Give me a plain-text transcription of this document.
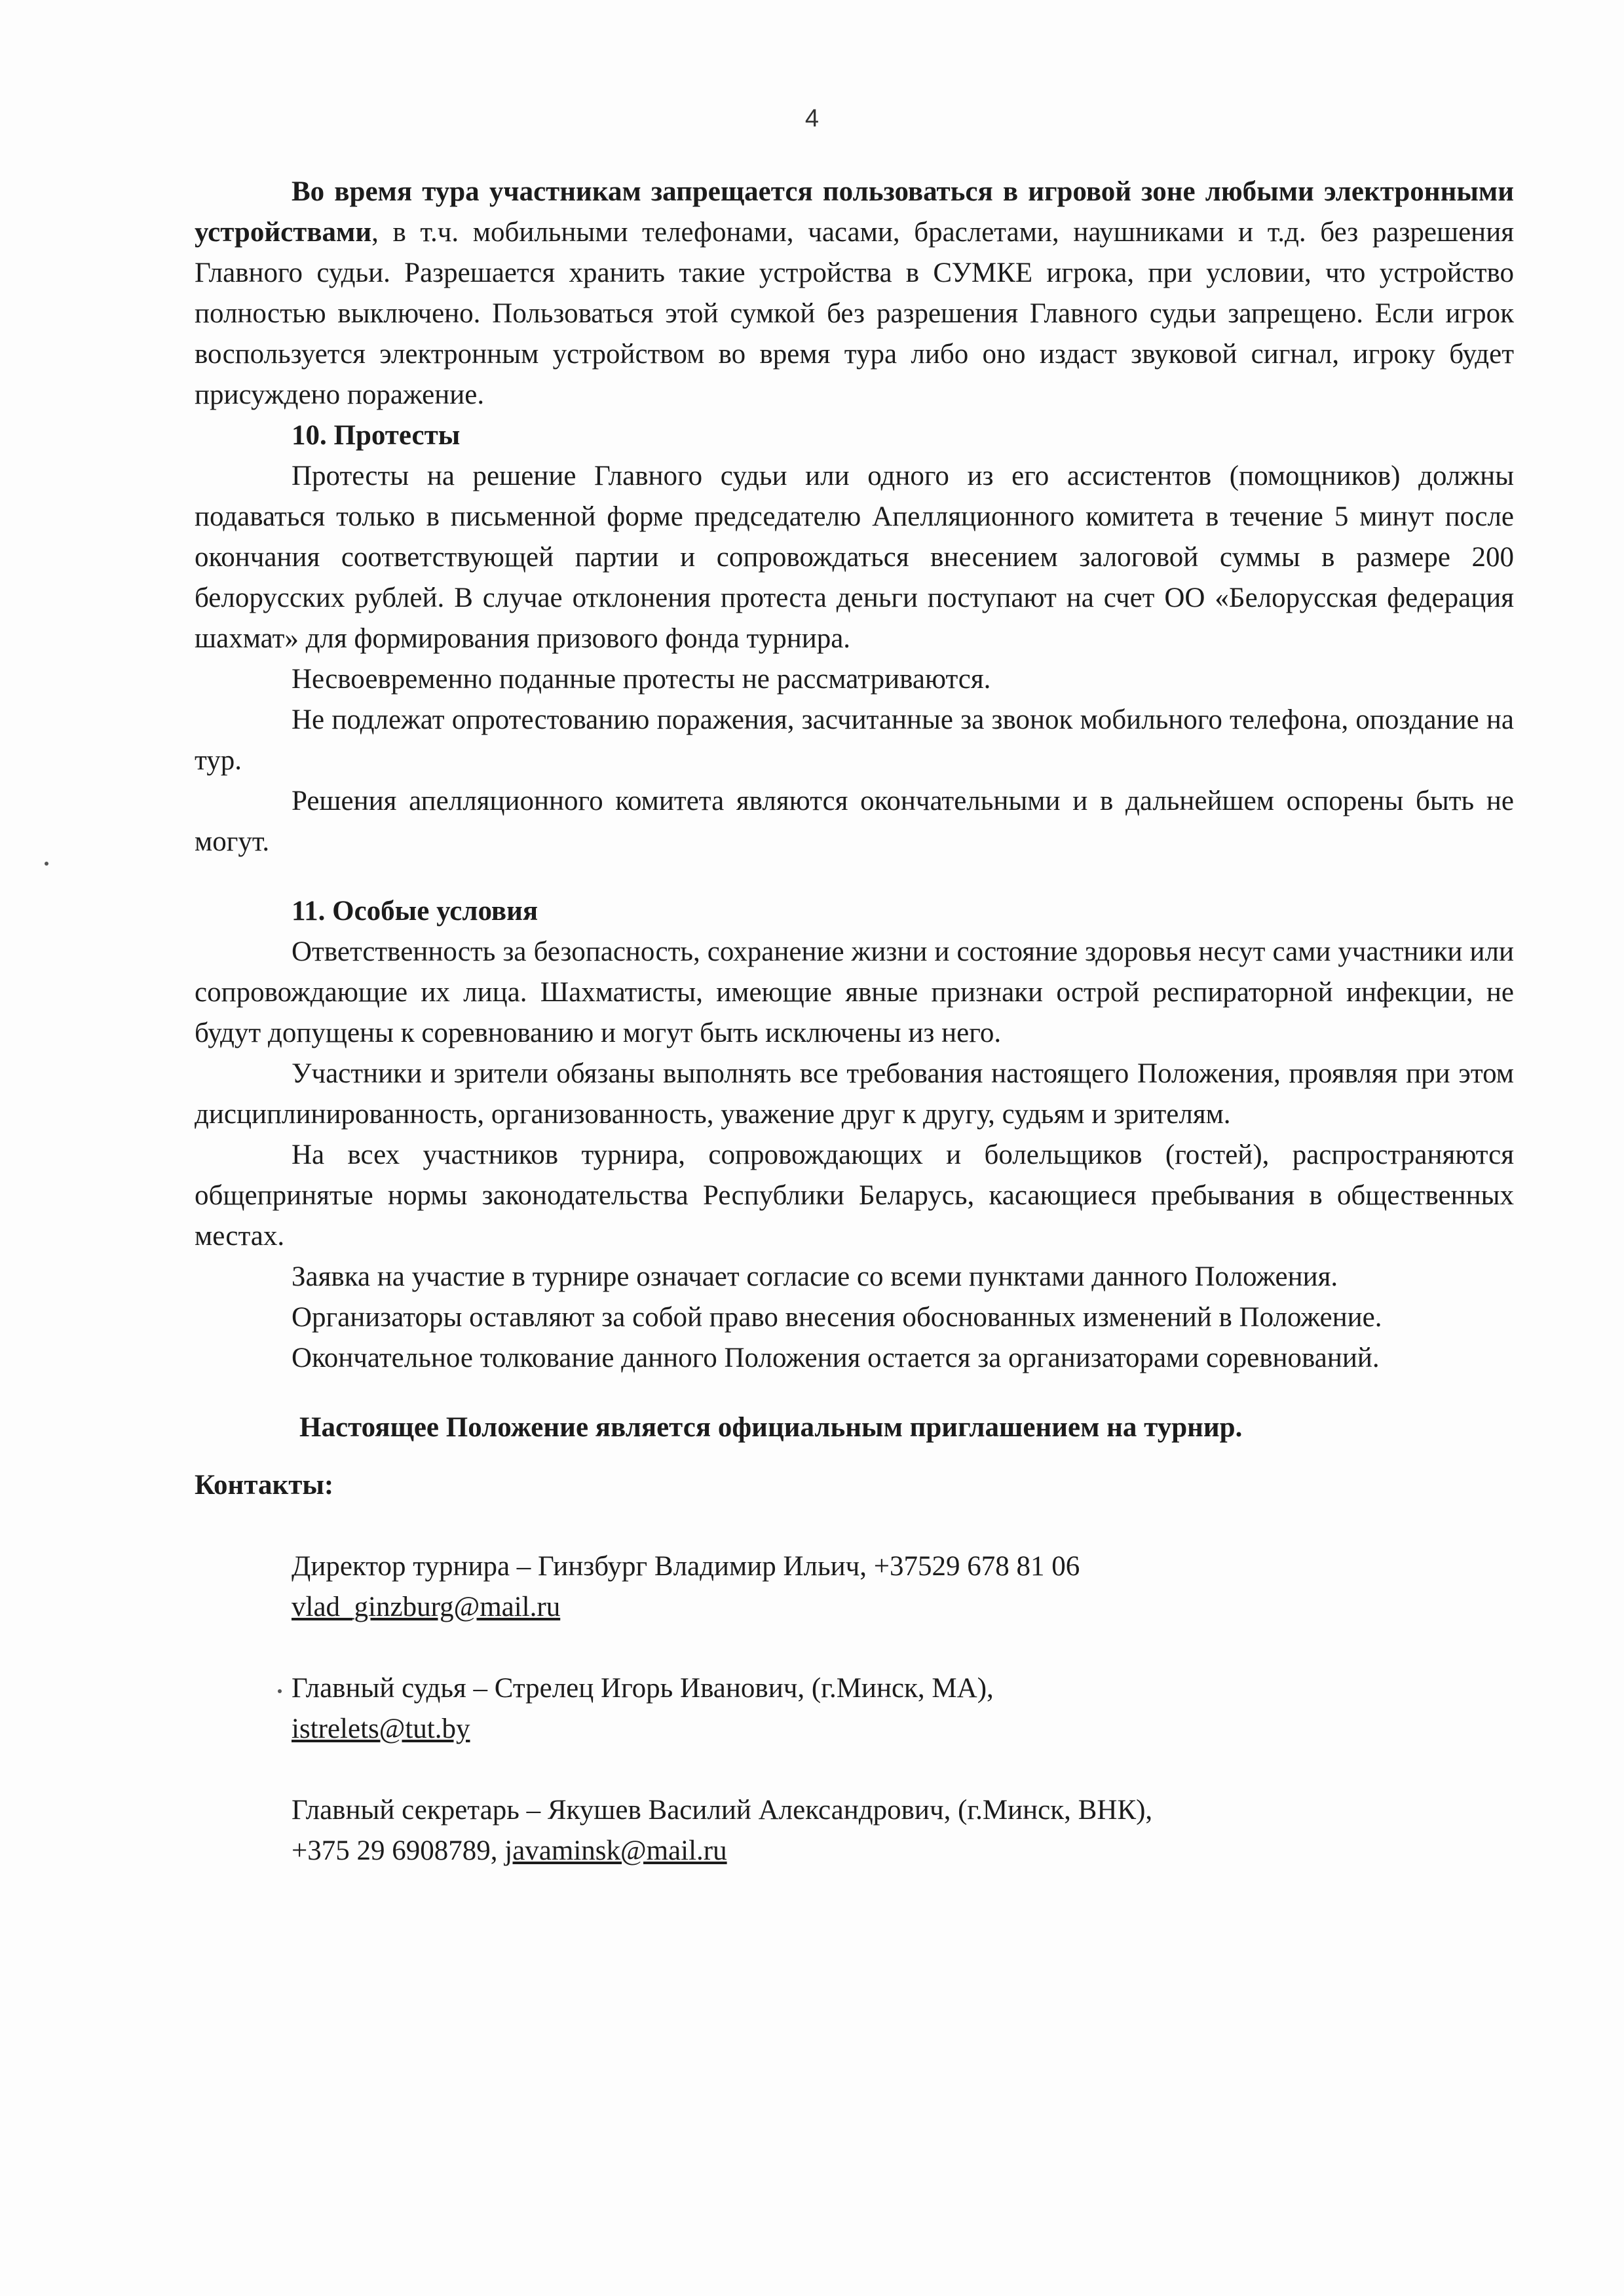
4

Во время тура участникам запрещается пользоваться в игровой зоне любыми электронными устройствами, в т.ч. мобильными телефонами, часами, браслетами, наушниками и т.д. без разрешения Главного судьи. Разрешается хранить такие устройства в СУМКЕ игрока, при условии, что устройство полностью выключено. Пользоваться этой сумкой без разрешения Главного судьи запрещено. Если игрок воспользуется электронным устройством во время тура либо оно издаст звуковой сигнал, игроку будет присуждено поражение.

10. Протесты

Протесты на решение Главного судьи или одного из его ассистентов (помощников) должны подаваться только в письменной форме председателю Апелляционного комитета в течение 5 минут после окончания соответствующей партии и сопровождаться внесением залоговой суммы в размере 200 белорусских рублей. В случае отклонения протеста деньги поступают на счет ОО «Белорусская федерация шахмат» для формирования призового фонда турнира.

Несвоевременно поданные протесты не рассматриваются.

Не подлежат опротестованию поражения, засчитанные за звонок мобильного телефона, опоздание на тур.

Решения апелляционного комитета являются окончательными и в дальнейшем оспорены быть не могут.

11. Особые условия

Ответственность за безопасность, сохранение жизни и состояние здоровья несут сами участники или сопровождающие их лица. Шахматисты, имеющие явные признаки острой респираторной инфекции, не будут допущены к соревнованию и могут быть исключены из него.

Участники и зрители обязаны выполнять все требования настоящего Положения, проявляя при этом дисциплинированность, организованность, уважение друг к другу, судьям и зрителям.

На всех участников турнира, сопровождающих и болельщиков (гостей), распространяются общепринятые нормы законодательства Республики Беларусь, касающиеся пребывания в общественных местах.

Заявка на участие в турнире означает согласие со всеми пунктами данного Положения.

Организаторы оставляют за собой право внесения обоснованных изменений в Положение.

Окончательное толкование данного Положения остается за организаторами соревнований.

Настоящее Положение является официальным приглашением на турнир.

Контакты:

Директор турнира – Гинзбург Владимир Ильич, +37529 678 81 06

vlad_ginzburg@mail.ru

Главный судья – Стрелец Игорь Иванович, (г.Минск, МА),

istrelets@tut.by

Главный секретарь – Якушев Василий Александрович, (г.Минск, ВНК),

+375 29 6908789, javaminsk@mail.ru
